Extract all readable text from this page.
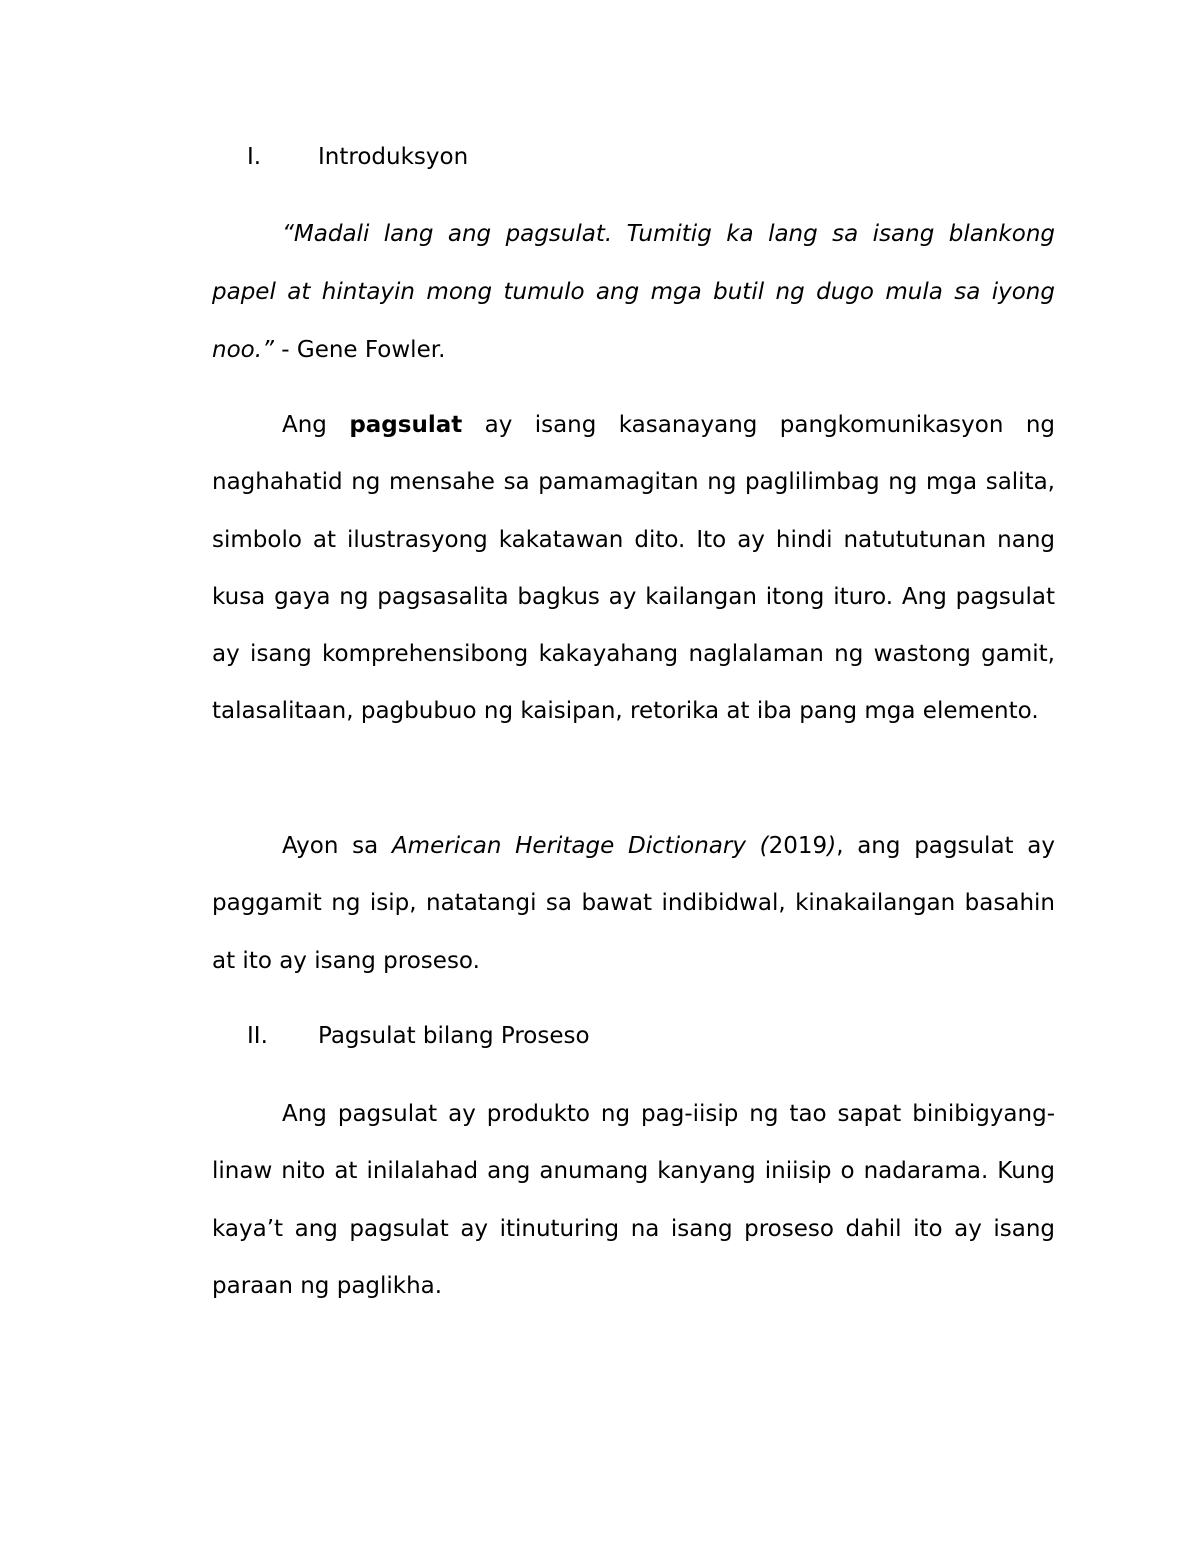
I. Introduksyon

“Madali lang ang pagsulat. Tumitig ka lang sa isang blankong papel at hintayin mong tumulo ang mga butil ng dugo mula sa iyong noo.” - Gene Fowler.

Ang pagsulat ay isang kasanayang pangkomunikasyon ng naghahatid ng mensahe sa pamamagitan ng paglilimbag ng mga salita, simbolo at ilustrasyong kakatawan dito. Ito ay hindi natututunan nang kusa gaya ng pagsasalita bagkus ay kailangan itong ituro. Ang pagsulat ay isang komprehensibong kakayahang naglalaman ng wastong gamit, talasalitaan, pagbubuo ng kaisipan, retorika at iba pang mga elemento.

Ayon sa American Heritage Dictionary (2019), ang pagsulat ay paggamit ng isip, natatangi sa bawat indibidwal, kinakailangan basahin at ito ay isang proseso.

II. Pagsulat bilang Proseso

Ang pagsulat ay produkto ng pag-iisip ng tao sapat binibigyang-linaw nito at inilalahad ang anumang kanyang iniisip o nadarama. Kung kaya’t ang pagsulat ay itinuturing na isang proseso dahil ito ay isang paraan ng paglikha.
